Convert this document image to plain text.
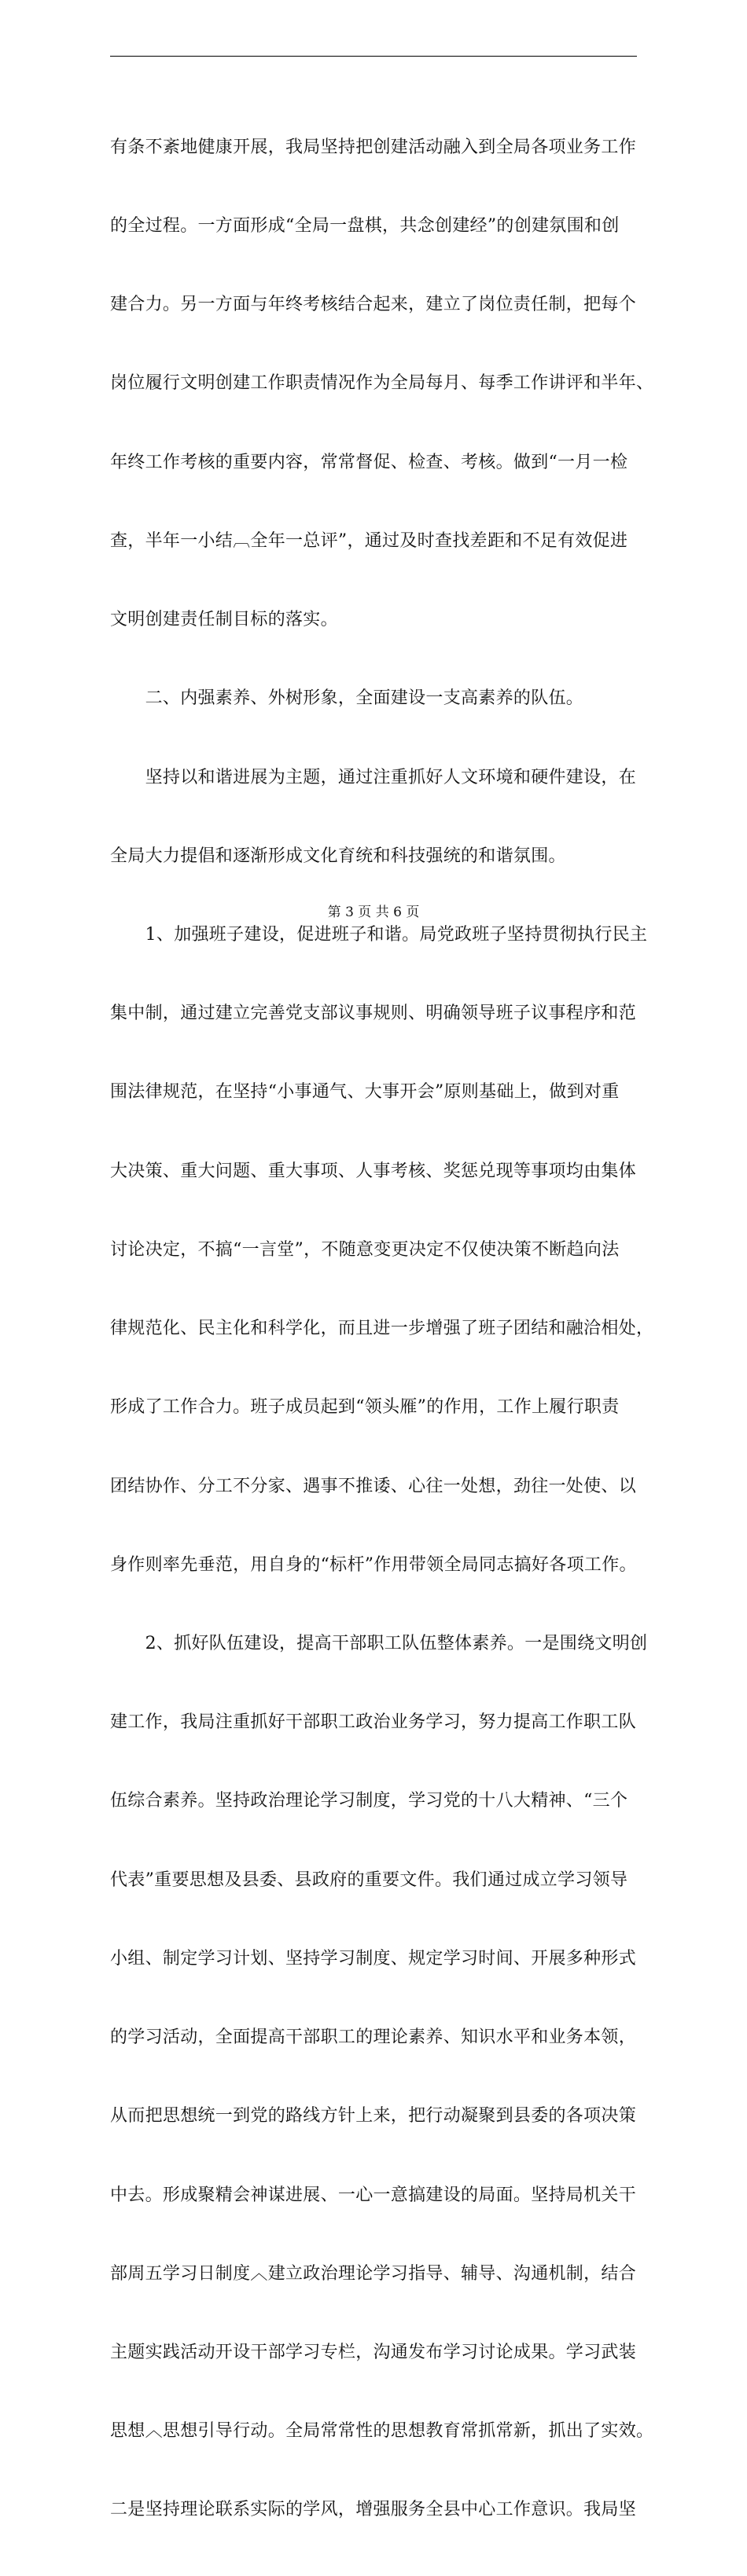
有条不紊地健康开展，我局坚持把创建活动融入到全局各项业务工作

的全过程。一方面形成“全局一盘棋，共念创建经”的创建氛围和创

建合力。另一方面与年终考核结合起来，建立了岗位责任制，把每个

岗位履行文明创建工作职责情况作为全局每月、每季工作讲评和半年、

年终工作考核的重要内容，常常督促、检查、考核。做到“一月一检

查，半年一小结︹全年一总评”，通过及时查找差距和不足有效促进

文明创建责任制目标的落实。

　　二、内强素养、外树形象，全面建设一支高素养的队伍。

　　坚持以和谐进展为主题，通过注重抓好人文环境和硬件建设，在

全局大力提倡和逐渐形成文化育统和科技强统的和谐氛围。

　　1、加强班子建设，促进班子和谐。局党政班子坚持贯彻执行民主

集中制，通过建立完善党支部议事规则、明确领导班子议事程序和范

围法律规范，在坚持“小事通气、大事开会”原则基础上，做到对重

大决策、重大问题、重大事项、人事考核、奖惩兑现等事项均由集体

讨论决定，不搞“一言堂”，不随意变更决定不仅使决策不断趋向法

律规范化、民主化和科学化，而且进一步增强了班子团结和融洽相处，

形成了工作合力。班子成员起到“领头雁”的作用，工作上履行职责

团结协作、分工不分家、遇事不推诿、心往一处想，劲往一处使、以

身作则率先垂范，用自身的“标杆”作用带领全局同志搞好各项工作。

　　2、抓好队伍建设，提高干部职工队伍整体素养。一是围绕文明创

建工作，我局注重抓好干部职工政治业务学习，努力提高工作职工队

伍综合素养。坚持政治理论学习制度，学习党的十八大精神、“三个

代表”重要思想及县委、县政府的重要文件。我们通过成立学习领导

小组、制定学习计划、坚持学习制度、规定学习时间、开展多种形式

的学习活动，全面提高干部职工的理论素养、知识水平和业务本领，

从而把思想统一到党的路线方针上来，把行动凝聚到县委的各项决策

中去。形成聚精会神谋进展、一心一意搞建设的局面。坚持局机关干

部周五学习日制度︿建立政治理论学习指导、辅导、沟通机制，结合

主题实践活动开设干部学习专栏，沟通发布学习讨论成果。学习武装

思想︿思想引导行动。全局常常性的思想教育常抓常新，抓出了实效。

二是坚持理论联系实际的学风，增强服务全县中心工作意识。我局坚

第 3 页 共 6 页
